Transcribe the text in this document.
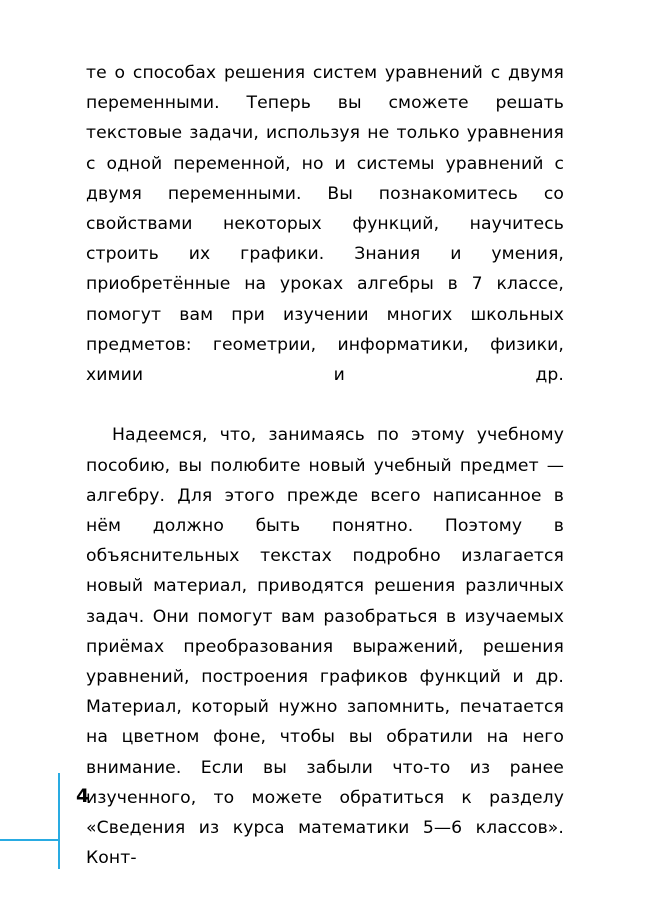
те о способах решения систем уравнений с двумя переменными. Теперь вы сможете решать текстовые задачи, используя не только уравнения с одной переменной, но и системы уравнений с двумя переменными. Вы познакомитесь со свойствами некоторых функций, научитесь строить их графики. Знания и умения, приобретённые на уроках алгебры в 7 классе, помогут вам при изучении многих школьных предметов: геометрии, информатики, физики, химии и др.

Надеемся, что, занимаясь по этому учебному пособию, вы полюбите новый учебный предмет — алгебру. Для этого прежде всего написанное в нём должно быть понятно. Поэтому в объяснительных текстах подробно излагается новый материал, приводятся решения различных задач. Они помогут вам разобраться в изучаемых приёмах преобразования выражений, решения уравнений, построения графиков функций и др. Материал, который нужно запомнить, печатается на цветном фоне, чтобы вы обратили на него внимание. Если вы забыли что-то из ранее изученного, то можете обратиться к разделу «Сведения из курса математики 5—6 классов». Конт-

4
